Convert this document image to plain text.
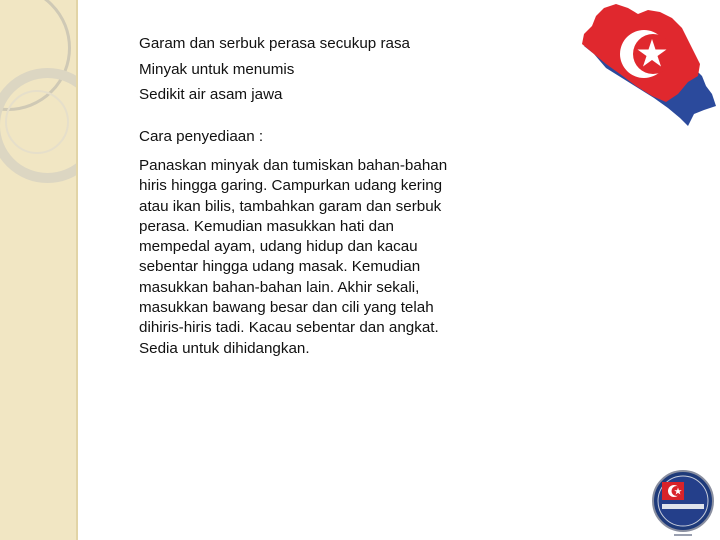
Garam dan serbuk perasa secukup rasa

Minyak untuk menumis

Sedikit air asam jawa

Cara penyediaan :

Panaskan minyak dan tumiskan bahan-bahan
hiris hingga garing. Campurkan udang kering
atau ikan bilis, tambahkan garam dan serbuk
perasa. Kemudian masukkan hati dan
mempedal ayam, udang hidup dan kacau
sebentar hingga udang masak. Kemudian
masukkan bahan-bahan lain. Akhir sekali,
masukkan bawang besar dan cili yang telah
dihiris-hiris tadi. Kacau sebentar dan angkat.
Sedia untuk dihidangkan.
